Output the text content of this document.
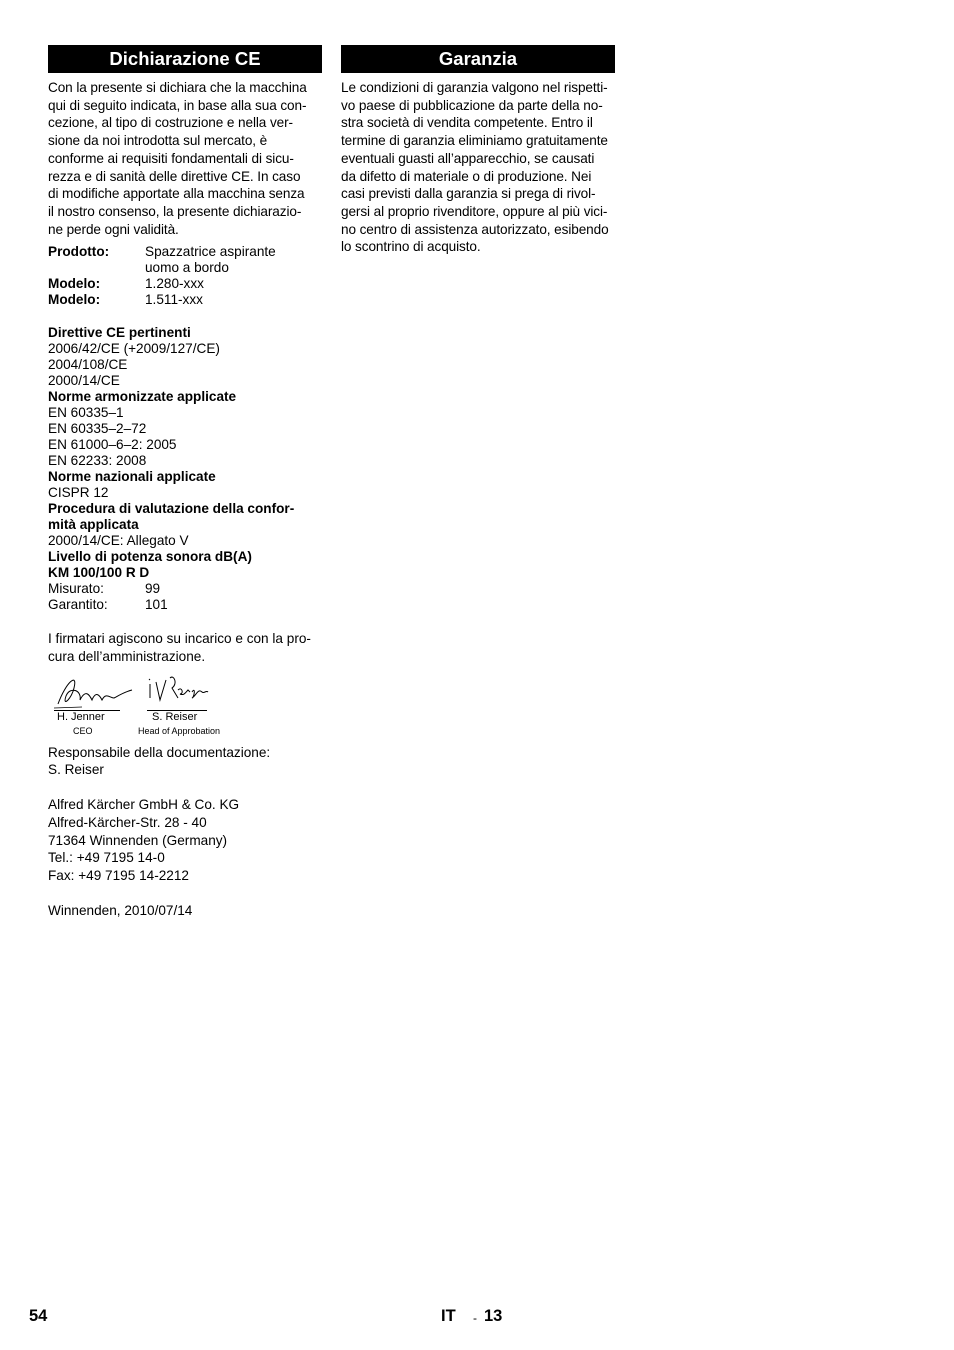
Dichiarazione CE
Con la presente si dichiara che la macchina
qui di seguito indicata, in base alla sua con-
cezione, al tipo di costruzione e nella ver-
sione da noi introdotta sul mercato, è
conforme ai requisiti fondamentali di sicu-
rezza e di sanità delle direttive CE. In caso
di modifiche apportate alla macchina senza
il nostro consenso, la presente dichiarazio-
ne perde ogni validità.
Prodotto:	Spazzatrice aspirante
uomo a bordo
Modelo:	1.280-xxx
Modelo:	1.511-xxx
Direttive CE pertinenti
2006/42/CE (+2009/127/CE)
2004/108/CE
2000/14/CE
Norme armonizzate applicate
EN 60335–1
EN 60335–2–72
EN 61000–6–2: 2005
EN 62233: 2008
Norme nazionali applicate
CISPR 12
Procedura di valutazione della confor-
mità applicata
2000/14/CE: Allegato V
Livello di potenza sonora dB(A)
KM 100/100 R D
Misurato:	99
Garantito:	101
I firmatari agiscono su incarico e con la pro-
cura dell’amministrazione.
H. Jenner
CEO
S. Reiser
Head of Approbation
Responsabile della documentazione:
S. Reiser
Alfred Kärcher GmbH & Co. KG
Alfred-Kärcher-Str. 28 - 40
71364 Winnenden (Germany)
Tel.: +49 7195 14-0
Fax: +49 7195 14-2212
Winnenden, 2010/07/14
Garanzia
Le condizioni di garanzia valgono nel rispetti-
vo paese di pubblicazione da parte della no-
stra società di vendita competente. Entro il
termine di garanzia eliminiamo gratuitamente
eventuali guasti all’apparecchio, se causati
da difetto di materiale o di produzione. Nei
casi previsti dalla garanzia si prega di rivol-
gersi al proprio rivenditore, oppure al più vici-
no centro di assistenza autorizzato, esibendo
lo scontrino di acquisto.
54	IT - 13
